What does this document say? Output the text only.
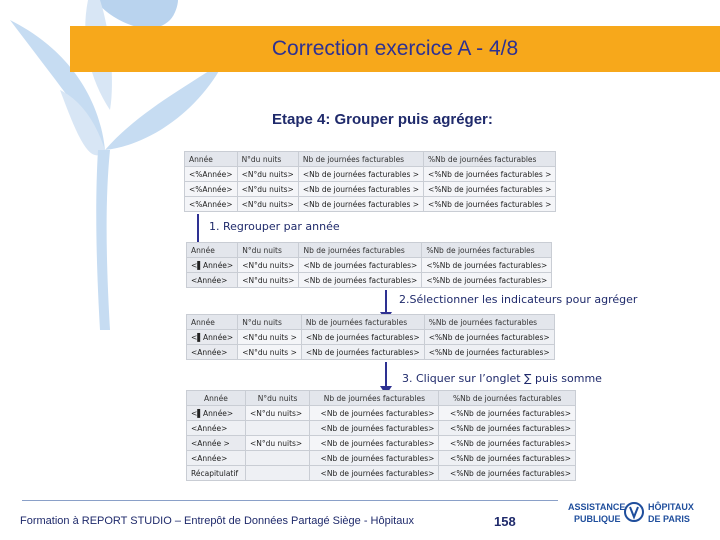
Correction exercice A - 4/8
Etape 4: Grouper puis agréger:
Année	N°du nuits	Nb de journées facturables	%Nb de journées facturables
<%Année>	<N°du nuits>	<Nb de journées facturables >	<%Nb de journées facturables >
<%Année>	<N°du nuits>	<Nb de journées facturables >	<%Nb de journées facturables >
<%Année>	<N°du nuits>	<Nb de journées facturables >	<%Nb de journées facturables >
1. Regrouper par année
Année	N°du nuits	Nb de journées facturables	%Nb de journées facturables
<▌Année>	<N°du nuits>	<Nb de journées facturables>	<%Nb de journées facturables>
<Année>	<N°du nuits>	<Nb de journées facturables>	<%Nb de journées facturables>
2.Sélectionner les indicateurs pour agréger
Année	N°du nuits	Nb de journées facturables	%Nb de journées facturables
<▌Année>	<N°du nuits >	<Nb de journées facturables>	<%Nb de journées facturables>
<Année>	<N°du nuits >	<Nb de journées facturables>	<%Nb de journées facturables>
3. Cliquer sur l’onglet ∑ puis somme
Année	N°du nuits	Nb de journées facturables	%Nb de journées facturables
<▌Année>	<N°du nuits>	<Nb de journées facturables>	<%Nb de journées facturables>
<Année>		<Nb de journées facturables>	<%Nb de journées facturables>
<Année >	<N°du nuits>	<Nb de journées facturables>	<%Nb de journées facturables>
<Année>		<Nb de journées facturables>	<%Nb de journées facturables>
Récapitulatif		<Nb de journées facturables>	<%Nb de journées facturables>
Formation à REPORT STUDIO – Entrepôt de Données Partagé Siège - Hôpitaux	158
ASSISTANCE
PUBLIQUE
HÔPITAUX
DE PARIS
